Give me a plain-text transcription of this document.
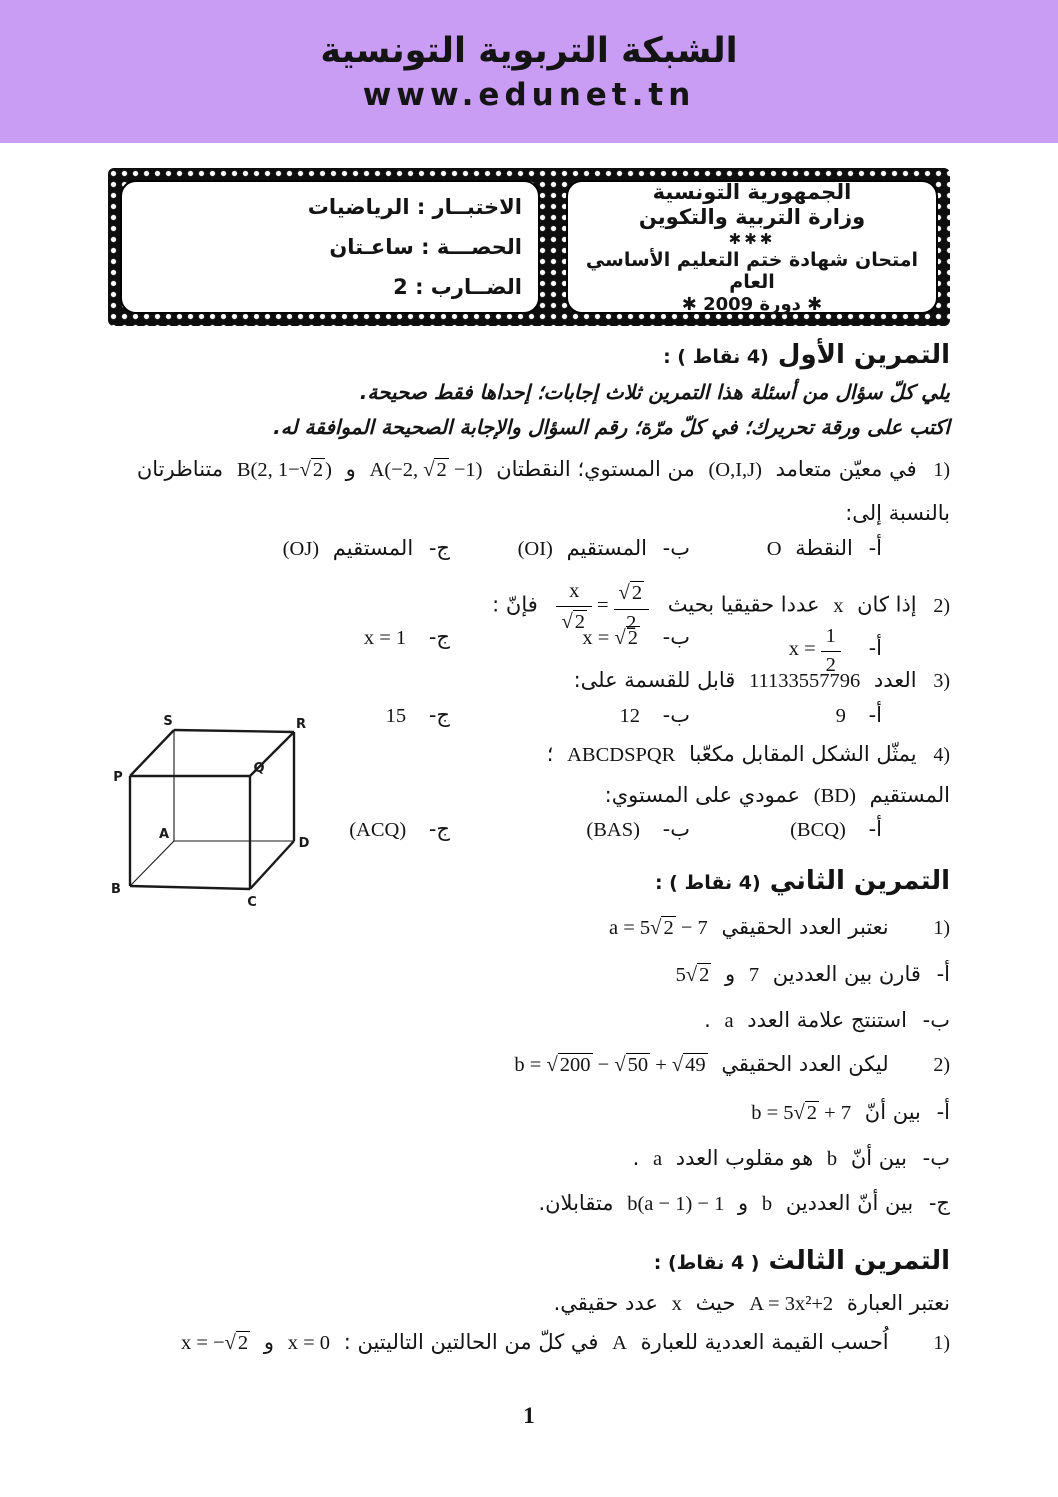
الشبكة التربوية التونسية
www.edunet.tn
الجمهورية التونسية
وزارة التربية والتكوين
✱✱✱
امتحان شهادة ختم التعليم الأساسي العام
✱ دورة 2009 ✱
الاختبــار : الرياضيات
الحصـــة : ساعـتان
الضــارب : 2
التمرين الأول (4 نقاط ) :
يلي كلّ سؤال من أسئلة هذا التمرين ثلاث إجابات؛ إحداها فقط صحيحة.
اكتب على ورقة تحريرك؛ في كلّ مرّة؛ رقم السؤال والإجابة الصحيحة الموافقة له.
1) في معيّن متعامد (O,I,J) من المستوي؛ النقطتان A(−2, √2 −1) و B(2, 1−√2) متناظرتان
بالنسبة إلى:
أ- النقطة O
ب- المستقيم (OI)
ج- المستقيم (OJ)
2) إذا كان x عددا حقيقيا بحيث
$\frac{x}{√2} = \frac{√2}{2}$
فإنّ :
أ- $x = \frac{1}{2}$
ب- x = √2
ج- x = 1
3) العدد 11133557796 قابل للقسمة على:
أ- 9
ب- 12
ج- 15
4) يمثّل الشكل المقابل مكعّبا ABCDSPQR ؛
المستقيم (BD) عمودي على المستوي:
أ- (BCQ)
ب- (BAS)
ج- (ACQ)
S	R
P
Q
A
D
B
C
التمرين الثاني (4 نقاط ) :
1) نعتبر العدد الحقيقي a = 5√2 − 7
أ- قارن بين العددين 7 و 5√2
ب- استنتج علامة العدد a .
2) ليكن العدد الحقيقي b = √200 − √50 + √49
أ- بين أنّ b = 5√2 + 7
ب- بين أنّ b هو مقلوب العدد a .
ج- بين أنّ العددين b و b(a − 1) − 1 متقابلان.
التمرين الثالث ( 4 نقاط) :
نعتبر العبارة A = 3x²+2 حيث x عدد حقيقي.
1) اُحسب القيمة العددية للعبارة A في كلّ من الحالتين التاليتين : x = 0 و x = −√2
1
